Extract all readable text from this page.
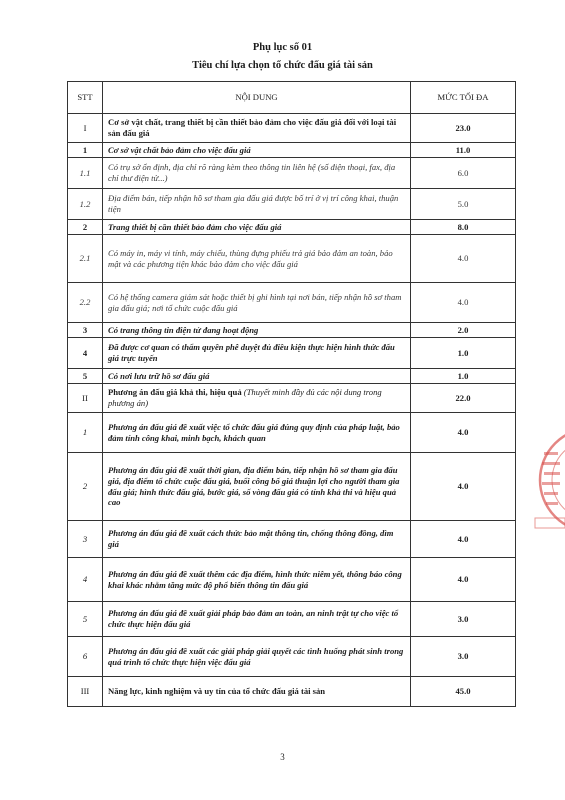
Phụ lục số 01
Tiêu chí lựa chọn tổ chức đấu giá tài sản
STT	NỘI DUNG	MỨC TỐI ĐA
I	Cơ sở vật chất, trang thiết bị cần thiết bảo đảm cho việc đấu giá đối với loại tài sản đấu giá	23.0
1	Cơ sở vật chất bảo đảm cho việc đấu giá	11.0
1.1	Có trụ sở ổn định, địa chỉ rõ ràng kèm theo thông tin liên hệ (số điện thoại, fax, địa chỉ thư điện tử...)	6.0
1.2	Địa điểm bán, tiếp nhận hồ sơ tham gia đấu giá được bố trí ở vị trí công khai, thuận tiện	5.0
2	Trang thiết bị cần thiết bảo đảm cho việc đấu giá	8.0
2.1	Có máy in, máy vi tính, máy chiếu, thùng đựng phiếu trả giá bảo đảm an toàn, bảo mật và các phương tiện khác bảo đảm cho việc đấu giá	4.0
2.2	Có hệ thống camera giám sát hoặc thiết bị ghi hình tại nơi bán, tiếp nhận hồ sơ tham gia đấu giá; nơi tổ chức cuộc đấu giá	4.0
3	Có trang thông tin điện tử đang hoạt động	2.0
4	Đã được cơ quan có thẩm quyền phê duyệt đủ điều kiện thực hiện hình thức đấu giá trực tuyến	1.0
5	Có nơi lưu trữ hồ sơ đấu giá	1.0
II	Phương án đấu giá khả thi, hiệu quả (Thuyết minh đầy đủ các nội dung trong phương án)	22.0
1	Phương án đấu giá đề xuất việc tổ chức đấu giá đúng quy định của pháp luật, bảo đảm tính công khai, minh bạch, khách quan	4.0
2	Phương án đấu giá đề xuất thời gian, địa điểm bán, tiếp nhận hồ sơ tham gia đấu giá, địa điểm tổ chức cuộc đấu giá, buổi công bố giá thuận lợi cho người tham gia đấu giá; hình thức đấu giá, bước giá, số vòng đấu giá có tính khả thi và hiệu quả cao	4.0
3	Phương án đấu giá đề xuất cách thức bảo mật thông tin, chống thông đồng, dìm giá	4.0
4	Phương án đấu giá đề xuất thêm các địa điểm, hình thức niêm yết, thông báo công khai khác nhằm tăng mức độ phổ biến thông tin đấu giá	4.0
5	Phương án đấu giá đề xuất giải pháp bảo đảm an toàn, an ninh trật tự cho việc tổ chức thực hiện đấu giá	3.0
6	Phương án đấu giá đề xuất các giải pháp giải quyết các tình huống phát sinh trong quá trình tổ chức thực hiện việc đấu giá	3.0
III	Năng lực, kinh nghiệm và uy tín của tổ chức đấu giá tài sản	45.0
3
